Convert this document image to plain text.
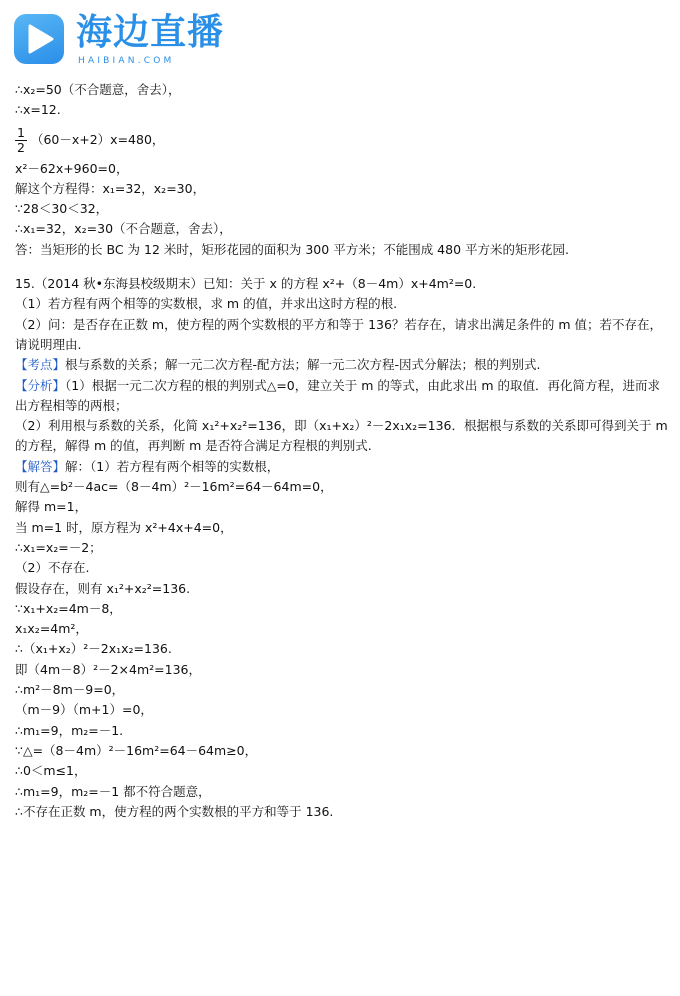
海边直播
HAIBIAN.COM
∴x₂=50（不合题意，舍去），
∴x=12.
$\frac{1}{2} (60-x+2)x=480$，
x²－62x+960=0，
解这个方程得：x₁=32，x₂=30，
∵28＜30＜32，
∴x₁=32，x₂=30（不合题意，舍去），
答：当矩形的长 BC 为 12 米时，矩形花园的面积为 300 平方米；不能围成 480 平方米的矩形花园.
15.（2014 秋•东海县校级期末）已知：关于 x 的方程 x²+（8－4m）x+4m²=0.
（1）若方程有两个相等的实数根，求 m 的值，并求出这时方程的根.
（2）问：是否存在正数 m，使方程的两个实数根的平方和等于 136？若存在，请求出满足条件的 m 值；若不存在，请说明理由.
【考点】根与系数的关系；解一元二次方程-配方法；解一元二次方程-因式分解法；根的判别式.
【分析】（1）根据一元二次方程的根的判别式△=0，建立关于 m 的等式，由此求出 m 的取值．再化简方程，进而求出方程相等的两根；
（2）利用根与系数的关系，化简 x₁²+x₂²=136，即（x₁+x₂）²－2x₁x₂=136．根据根与系数的关系即可得到关于 m 的方程，解得 m 的值，再判断 m 是否符合满足方程根的判别式.
【解答】解：（1）若方程有两个相等的实数根，
则有△=b²－4ac=（8－4m）²－16m²=64－64m=0，
解得 m=1，
当 m=1 时，原方程为 x²+4x+4=0，
∴x₁=x₂=－2；
（2）不存在.
假设存在，则有 x₁²+x₂²=136.
∵x₁+x₂=4m－8，
x₁x₂=4m²，
∴（x₁+x₂）²－2x₁x₂=136.
即（4m－8）²－2×4m²=136，
∴m²－8m－9=0，
（m－9）（m+1）=0，
∴m₁=9，m₂=－1.
∵△=（8－4m）²－16m²=64－64m≥0，
∴0＜m≤1，
∴m₁=9，m₂=－1 都不符合题意，
∴不存在正数 m，使方程的两个实数根的平方和等于 136.
